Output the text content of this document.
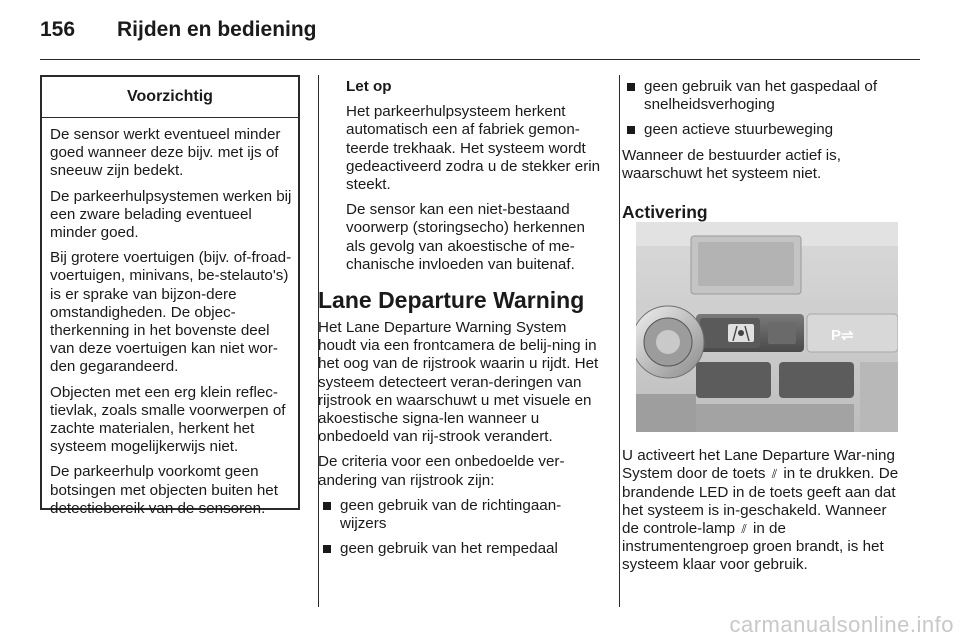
156 Rijden en bediening
Voorzichtig

De sensor werkt eventueel minder goed wanneer deze bijv. met ijs of sneeuw zijn bedekt.

De parkeerhulpsystemen werken bij een zware belading eventueel minder goed.

Bij grotere voertuigen (bijv. of-froad-voertuigen, minivans, be-stelauto's) is er sprake van bijzon-dere omstandigheden. De objec-therkenning in het bovenste deel van deze voertuigen kan niet wor-den gegarandeerd.

Objecten met een erg klein reflec-tievlak, zoals smalle voorwerpen of zachte materialen, herkent het systeem mogelijkerwijs niet.

De parkeerhulp voorkomt geen botsingen met objecten buiten het detectiebereik van de sensoren.

Let op

Het parkeerhulpsysteem herkent automatisch een af fabriek gemon-teerde trekhaak. Het systeem wordt gedeactiveerd zodra u de stekker erin steekt.

De sensor kan een niet-bestaand voorwerp (storingsecho) herkennen als gevolg van akoestische of me-chanische invloeden van buitenaf.

Lane Departure Warning

Het Lane Departure Warning System houdt via een frontcamera de belij-ning in het oog van de rijstrook waarin u rijdt. Het systeem detecteert veran-deringen van rijstrook en waarschuwt u met visuele en akoestische signa-len wanneer u onbedoeld van rij-strook verandert.

De criteria voor een onbedoelde ver-andering van rijstrook zijn:

geen gebruik van de richtingaan-wijzers
geen gebruik van het rempedaal
geen gebruik van het gaspedaal of snelheidsverhoging
geen actieve stuurbeweging

Wanneer de bestuurder actief is, waarschuwt het systeem niet.

Activering
P⇌

U activeert het Lane Departure War-ning System door de toets ⫽ in te drukken. De brandende LED in de toets geeft aan dat het systeem is in-geschakeld. Wanneer de controle-lamp ⫽ in de instrumentengroep groen brandt, is het systeem klaar voor gebruik.

carmanualsonline.info
